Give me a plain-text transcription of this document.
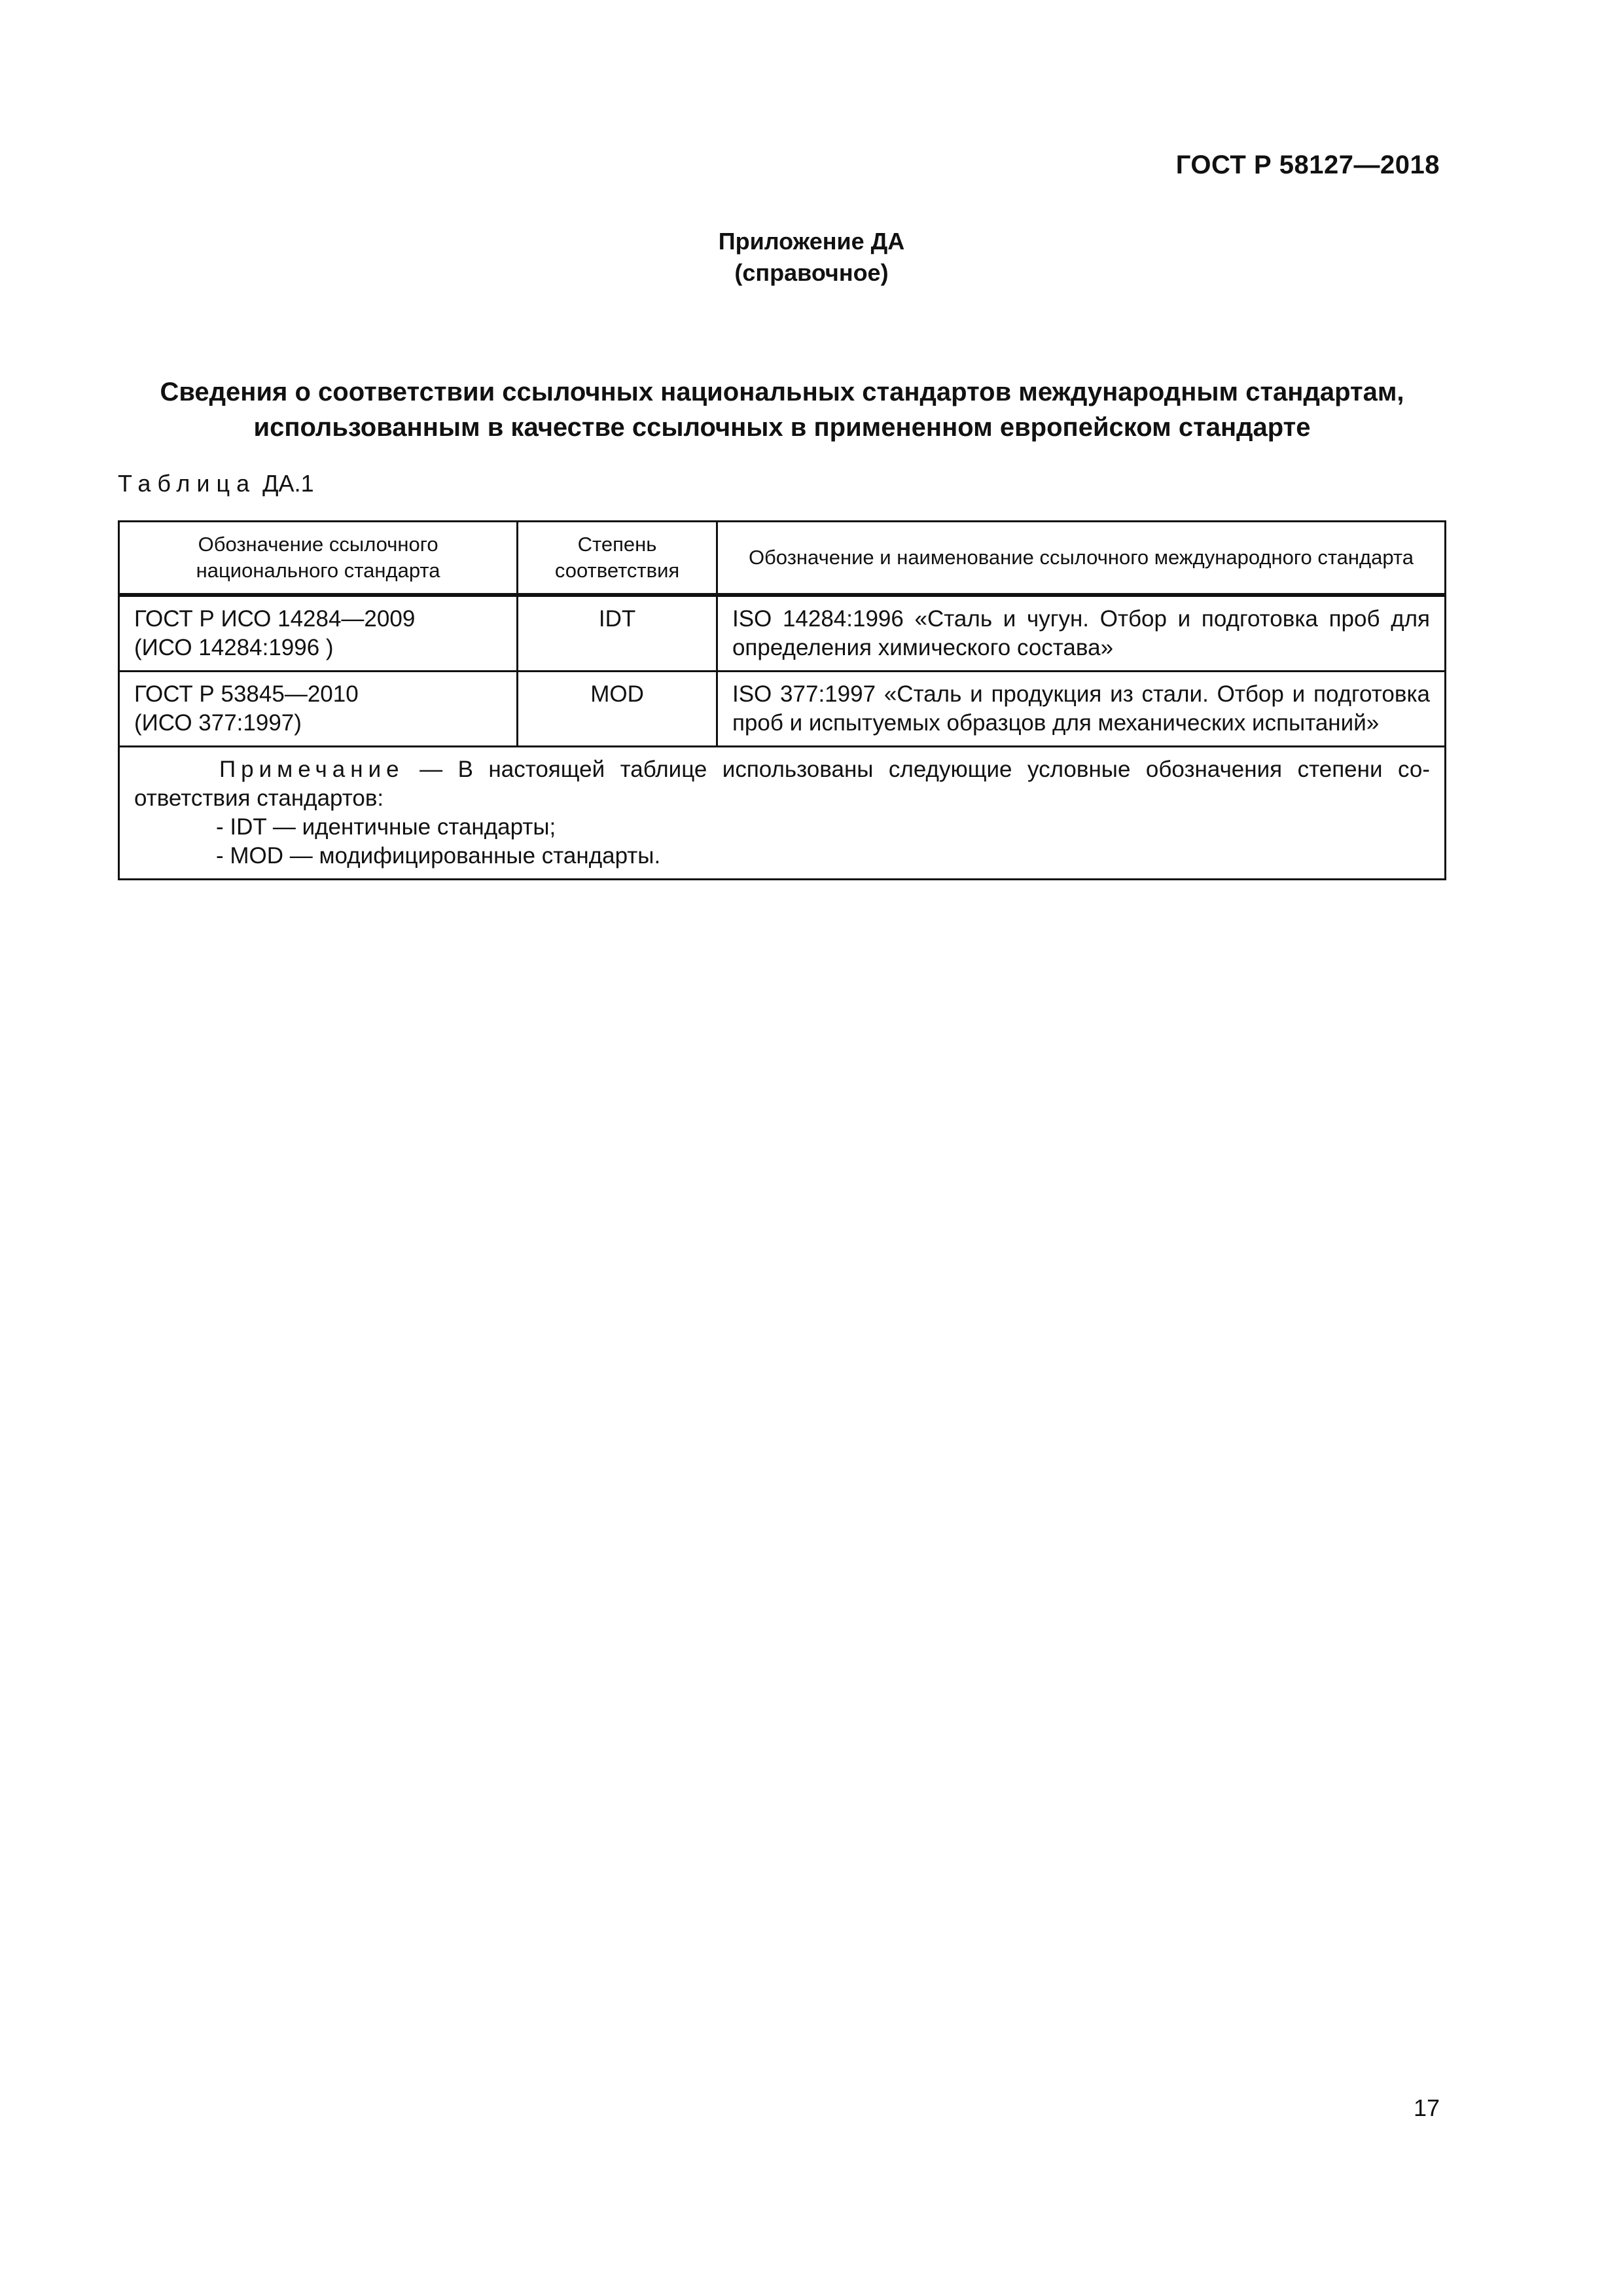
ГОСТ Р 58127—2018
Приложение ДА
(справочное)
Сведения о соответствии ссылочных национальных стандартов международным стандартам,
использованным в качестве ссылочных в примененном европейском стандарте
Таблица ДА.1
Обозначение ссылочного национального стандарта	Степень соответствия	Обозначение и наименование ссылочного международного стандарта

ГОСТ Р ИСО 14284—2009
(ИСО 14284:1996 )	IDT	ISO 14284:1996 «Сталь и чугун. Отбор и подготовка проб для определения химического состава»

ГОСТ Р 53845—2010
(ИСО 377:1997)	MOD	ISO 377:1997 «Сталь и продукция из стали. Отбор и подготовка проб и испытуемых образцов для механических испытаний»

Примечание — В настоящей таблице использованы следующие условные обозначения степени соответствия стандартов:

- IDT — идентичные стандарты;

- MOD — модифицированные стандарты.		

17
